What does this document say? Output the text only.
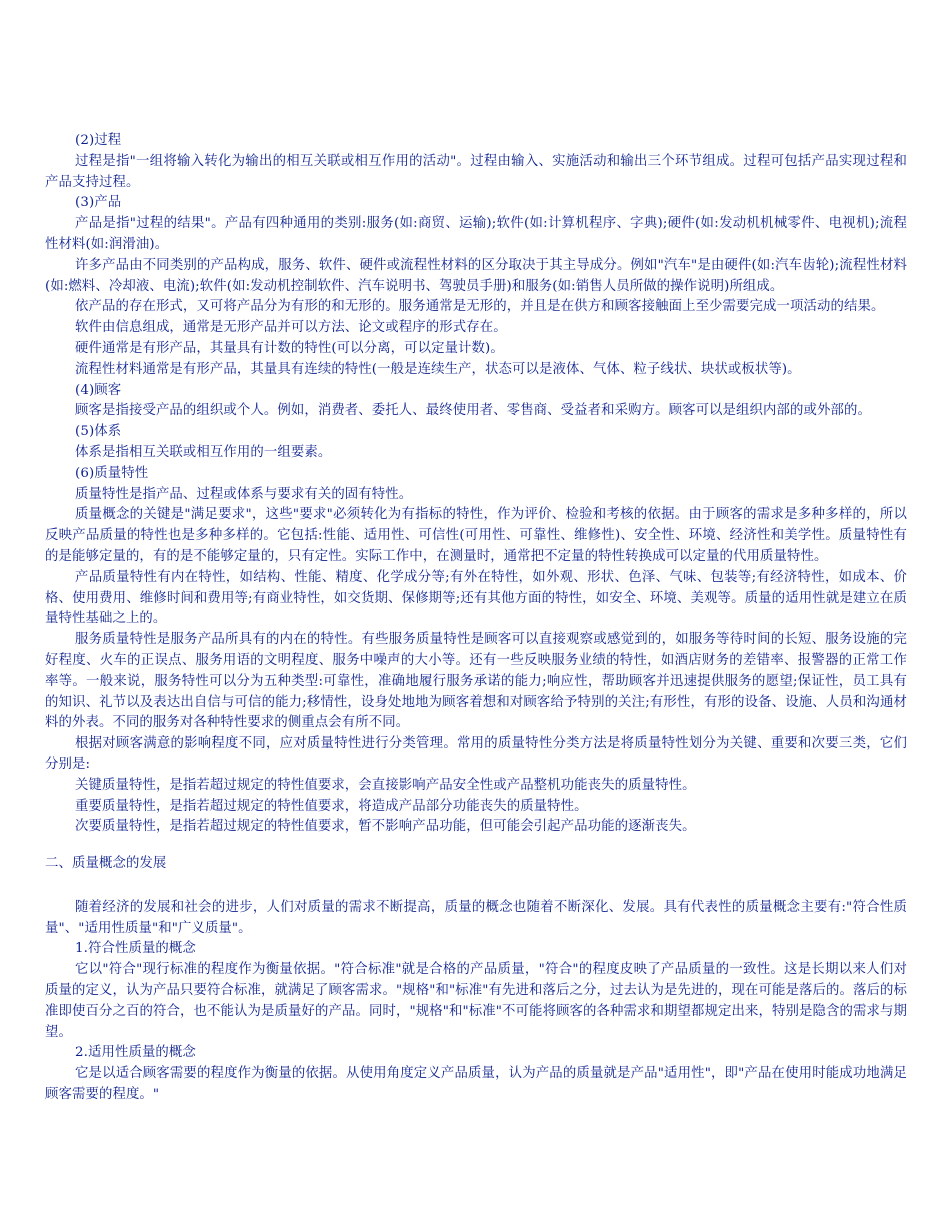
(2)过程

过程是指"一组将输入转化为输出的相互关联或相互作用的活动"。过程由输入、实施活动和输出三个环节组成。过程可包括产品实现过程和产品支持过程。

(3)产品

产品是指"过程的结果"。产品有四种通用的类别:服务(如:商贸、运输);软件(如:计算机程序、字典);硬件(如:发动机机械零件、电视机);流程性材料(如:润滑油)。

许多产品由不同类别的产品构成，服务、软件、硬件或流程性材料的区分取决于其主导成分。例如"汽车"是由硬件(如:汽车齿轮);流程性材料(如:燃料、冷却液、电流);软件(如:发动机控制软件、汽车说明书、驾驶员手册)和服务(如:销售人员所做的操作说明)所组成。

依产品的存在形式，又可将产品分为有形的和无形的。服务通常是无形的，并且是在供方和顾客接触面上至少需要完成一项活动的结果。

软件由信息组成，通常是无形产品并可以方法、论文或程序的形式存在。

硬件通常是有形产品，其量具有计数的特性(可以分离，可以定量计数)。

流程性材料通常是有形产品，其量具有连续的特性(一般是连续生产，状态可以是液体、气体、粒子线状、块状或板状等)。

(4)顾客

顾客是指接受产品的组织或个人。例如，消费者、委托人、最终使用者、零售商、受益者和采购方。顾客可以是组织内部的或外部的。

(5)体系

体系是指相互关联或相互作用的一组要素。

(6)质量特性

质量特性是指产品、过程或体系与要求有关的固有特性。

质量概念的关键是"满足要求"，这些"要求"必须转化为有指标的特性，作为评价、检验和考核的依据。由于顾客的需求是多种多样的，所以反映产品质量的特性也是多种多样的。它包括:性能、适用性、可信性(可用性、可靠性、维修性)、安全性、环境、经济性和美学性。质量特性有的是能够定量的，有的是不能够定量的，只有定性。实际工作中，在测量时，通常把不定量的特性转换成可以定量的代用质量特性。

产品质量特性有内在特性，如结构、性能、精度、化学成分等;有外在特性，如外观、形状、色泽、气味、包装等;有经济特性，如成本、价格、使用费用、维修时间和费用等;有商业特性，如交货期、保修期等;还有其他方面的特性，如安全、环境、美观等。质量的适用性就是建立在质量特性基础之上的。

服务质量特性是服务产品所具有的内在的特性。有些服务质量特性是顾客可以直接观察或感觉到的，如服务等待时间的长短、服务设施的完好程度、火车的正误点、服务用语的文明程度、服务中噪声的大小等。还有一些反映服务业绩的特性，如酒店财务的差错率、报警器的正常工作率等。一般来说，服务特性可以分为五种类型:可靠性，准确地履行服务承诺的能力;响应性，帮助顾客并迅速提供服务的愿望;保证性，员工具有的知识、礼节以及表达出自信与可信的能力;移情性，设身处地地为顾客着想和对顾客给予特别的关注;有形性，有形的设备、设施、人员和沟通材料的外表。不同的服务对各种特性要求的侧重点会有所不同。

根据对顾客满意的影响程度不同，应对质量特性进行分类管理。常用的质量特性分类方法是将质量特性划分为关键、重要和次要三类，它们分别是:

关键质量特性，是指若超过规定的特性值要求，会直接影响产品安全性或产品整机功能丧失的质量特性。

重要质量特性，是指若超过规定的特性值要求，将造成产品部分功能丧失的质量特性。

次要质量特性，是指若超过规定的特性值要求，暂不影响产品功能，但可能会引起产品功能的逐渐丧失。

二、质量概念的发展

随着经济的发展和社会的进步，人们对质量的需求不断提高，质量的概念也随着不断深化、发展。具有代表性的质量概念主要有:"符合性质量"、"适用性质量"和"广义质量"。

1.符合性质量的概念

它以"符合"现行标准的程度作为衡量依据。"符合标准"就是合格的产品质量，"符合"的程度皮映了产品质量的一致性。这是长期以来人们对质量的定义，认为产品只要符合标准，就满足了顾客需求。"规格"和"标准"有先进和落后之分，过去认为是先进的，现在可能是落后的。落后的标准即使百分之百的符合，也不能认为是质量好的产品。同时，"规格"和"标准"不可能将顾客的各种需求和期望都规定出来，特别是隐含的需求与期望。

2.适用性质量的概念

它是以适合顾客需要的程度作为衡量的依据。从使用角度定义产品质量，认为产品的质量就是产品"适用性"，即"产品在使用时能成功地满足顾客需要的程度。"
